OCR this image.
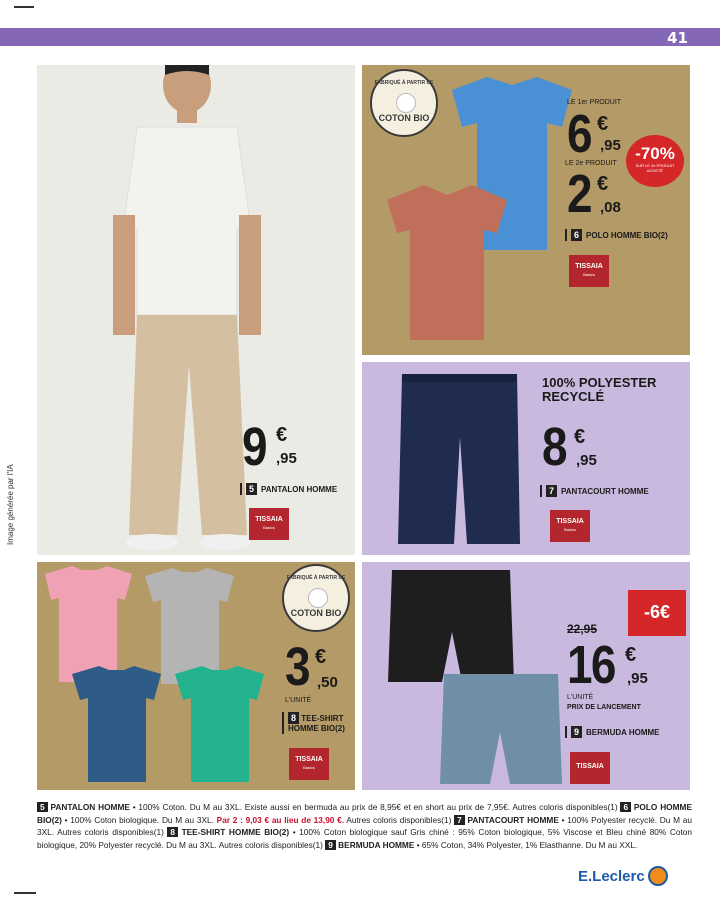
41
Image générée par l'IA
9 €
,95
5 PANTALON HOMME
TISSAIA
Basics
FABRIQUÉ À PARTIR DE
COTON BIO
LE 1er PRODUIT
6 €
,95
LE 2e PRODUIT
2 €
,08
6 POLO HOMME BIO(2)
TISSAIA
Basics
-70%
SUR LE 2e PRODUIT
ACHETÉ
100% POLYESTER
RECYCLÉ
8 €
,95
7 PANTACOURT HOMME
TISSAIA
Basics
FABRIQUÉ À PARTIR DE
COTON BIO
3 €
,50
L'UNITÉ
8 TEE-SHIRT
HOMME BIO(2)
TISSAIA
Basics
22,95
16 €
,95
L'UNITÉ
PRIX DE LANCEMENT
9 BERMUDA HOMME
TISSAIA
-6€
5 PANTALON HOMME • 100% Coton. Du M au 3XL. Existe aussi en bermuda au prix de 8,95€ et en short au prix de 7,95€. Autres coloris disponibles(1) 6 POLO HOMME BIO(2) • 100% Coton biologique. Du M au 3XL. Par 2 : 9,03 € au lieu de 13,90 €. Autres coloris disponibles(1) 7 PANTACOURT HOMME • 100% Polyester recyclé. Du M au 3XL. Autres coloris disponibles(1) 8 TEE-SHIRT HOMME BIO(2) • 100% Coton biologique sauf Gris chiné : 95% Coton biologique, 5% Viscose et Bleu chiné 80% Coton biologique, 20% Polyester recyclé. Du M au 3XL. Autres coloris disponibles(1) 9 BERMUDA HOMME • 65% Coton, 34% Polyester, 1% Elasthanne. Du M au XXL.
E.Leclerc
